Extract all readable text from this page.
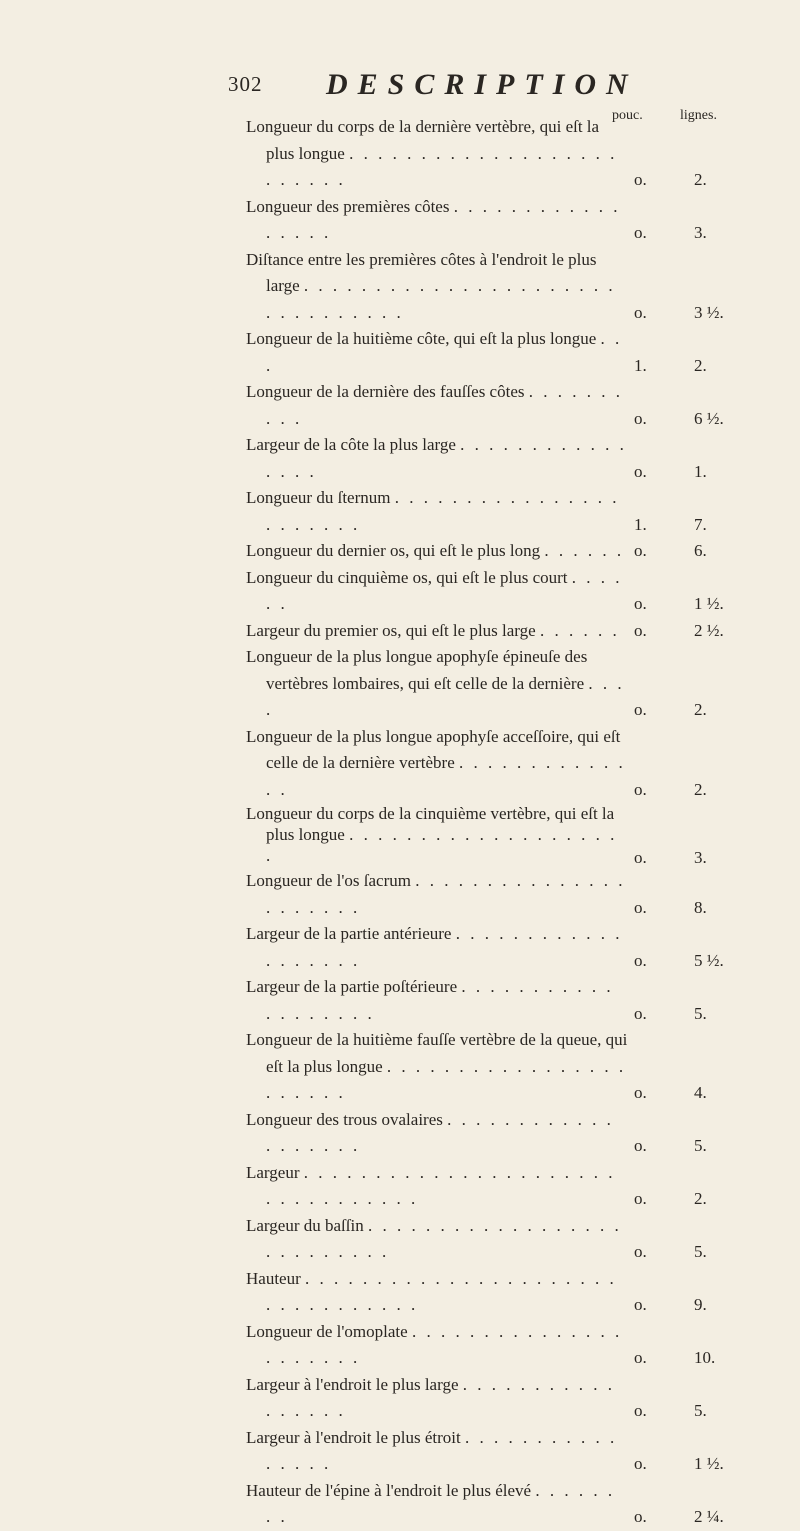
302 DESCRIPTION
pouc.	lignes.
Longueur du corps de la dernière vertèbre, qui eſt la plus longue . . . . . . . . . . . . . . . . . . . . . . . . .	o.	2.
Longueur des premières côtes . . . . . . . . . . . . . . . . .	o.	3.
Diſtance entre les premières côtes à l'endroit le plus large . . . . . . . . . . . . . . . . . . . . . . . . . . . . . . . .	o.	3 ½.
Longueur de la huitième côte, qui eſt la plus longue . . .	1.	2.
Longueur de la dernière des fauſſes côtes . . . . . . . . . .	o.	6 ½.
Largeur de la côte la plus large . . . . . . . . . . . . . . . .	o.	1.
Longueur du ſternum . . . . . . . . . . . . . . . . . . . . . . .	1.	7.
Longueur du dernier os, qui eſt le plus long . . . . . . o.	6.
Longueur du cinquième os, qui eſt le plus court . . . . . .	o.	1 ½.
Largeur du premier os, qui eſt le plus large . . . . . . o.	2 ½.
Longueur de la plus longue apophyſe épineuſe des vertèbres lombaires, qui eſt celle de la dernière . . . .	o.	2.
Longueur de la plus longue apophyſe acceſſoire, qui eſt celle de la dernière vertèbre . . . . . . . . . . . . . .	o.	2.
Longueur du corps de la cinquième vertèbre, qui eſt la plus longue . . . . . . . . . . . . . . . . . . . .	o.	3.
Longueur de l'os ſacrum . . . . . . . . . . . . . . . . . . . . . .	o.	8.
Largeur de la partie antérieure . . . . . . . . . . . . . . . . . . .	o.	5 ½.
Largeur de la partie poſtérieure . . . . . . . . . . . . . . . . . . .	o.	5.
Longueur de la huitième fauſſe vertèbre de la queue, qui eſt la plus longue . . . . . . . . . . . . . . . . . . . . . . .	o.	4.
Longueur des trous ovalaires . . . . . . . . . . . . . . . . . . .	o.	5.
Largeur . . . . . . . . . . . . . . . . . . . . . . . . . . . . . . . . .	o.	2.
Largeur du baſſin . . . . . . . . . . . . . . . . . . . . . . . . . . .	o.	5.
Hauteur . . . . . . . . . . . . . . . . . . . . . . . . . . . . . . . . .	o.	9.
Longueur de l'omoplate . . . . . . . . . . . . . . . . . . . . . .	o.	10.
Largeur à l'endroit le plus large . . . . . . . . . . . . . . . . .	o.	5.
Largeur à l'endroit le plus étroit . . . . . . . . . . . . . . . .	o.	1 ½.
Hauteur de l'épine à l'endroit le plus élevé . . . . . . . .	o.	2 ¼.
